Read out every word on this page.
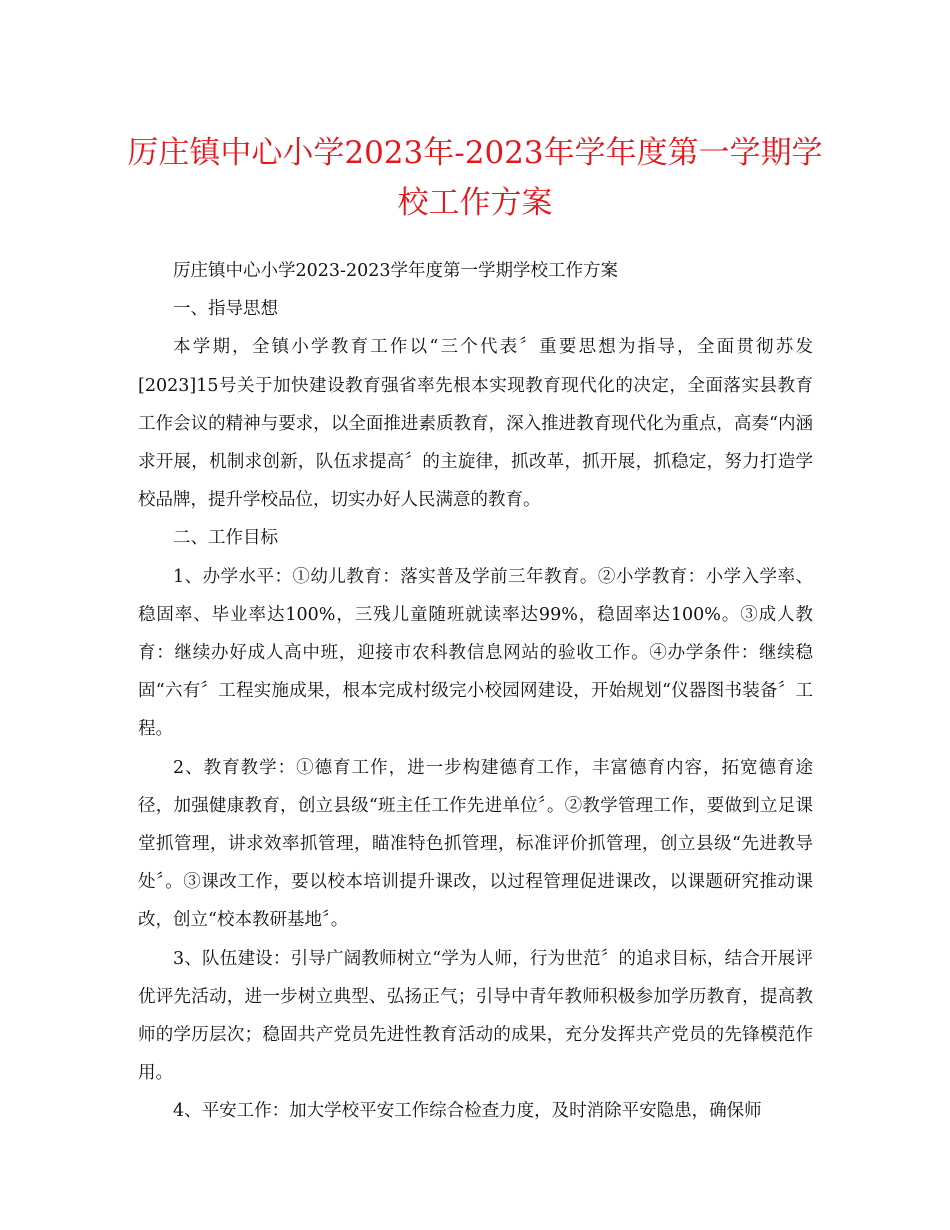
厉庄镇中心小学2023年-2023年学年度第一学期学校工作方案

厉庄镇中心小学2023-2023学年度第一学期学校工作方案

一、指导思想

本学期，全镇小学教育工作以“三个代表〞重要思想为指导，全面贯彻苏发[2023]15号关于加快建设教育强省率先根本实现教育现代化的决定，全面落实县教育工作会议的精神与要求，以全面推进素质教育，深入推进教育现代化为重点，高奏“内涵求开展，机制求创新，队伍求提高〞的主旋律，抓改革，抓开展，抓稳定，努力打造学校品牌，提升学校品位，切实办好人民满意的教育。

二、工作目标

1、办学水平：①幼儿教育：落实普及学前三年教育。②小学教育：小学入学率、稳固率、毕业率达100%，三残儿童随班就读率达99%，稳固率达100%。③成人教育：继续办好成人高中班，迎接市农科教信息网站的验收工作。④办学条件：继续稳固“六有〞工程实施成果，根本完成村级完小校园网建设，开始规划“仪器图书装备〞工程。

2、教育教学：①德育工作，进一步构建德育工作，丰富德育内容，拓宽德育途径，加强健康教育，创立县级“班主任工作先进单位〞。②教学管理工作，要做到立足课堂抓管理，讲求效率抓管理，瞄准特色抓管理，标准评价抓管理，创立县级“先进教导处〞。③课改工作，要以校本培训提升课改，以过程管理促进课改，以课题研究推动课改，创立“校本教研基地〞。

3、队伍建设：引导广阔教师树立“学为人师，行为世范〞的追求目标，结合开展评优评先活动，进一步树立典型、弘扬正气；引导中青年教师积极参加学历教育，提高教师的学历层次；稳固共产党员先进性教育活动的成果，充分发挥共产党员的先锋模范作用。

4、平安工作：加大学校平安工作综合检查力度，及时消除平安隐患，确保师
